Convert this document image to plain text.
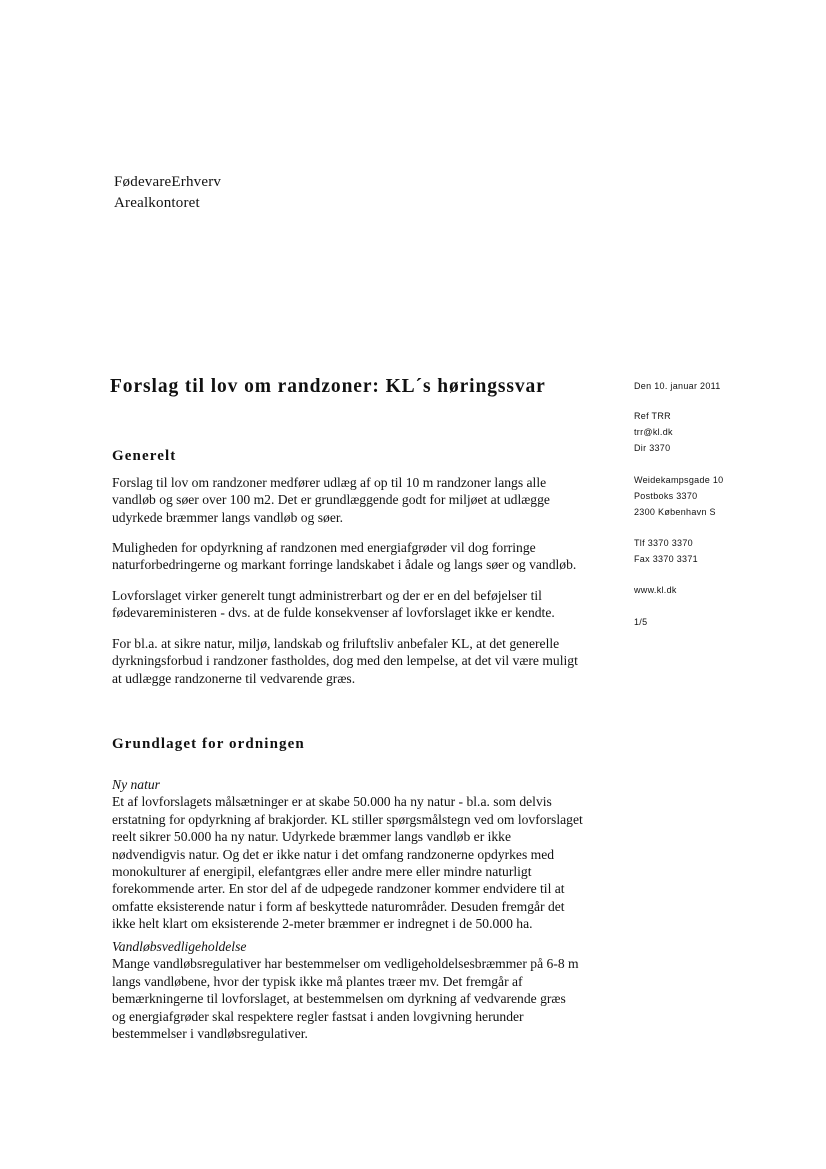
FødevareErhverv
Arealkontoret
Forslag til lov om randzoner: KL´s høringssvar	Den 10. januar 2011
Ref TRR
trr@kl.dk
Dir 3370
Weidekampsgade 10
Postboks 3370
2300 København S
Tlf 3370 3370
Fax 3370 3371
www.kl.dk
1/5
Generelt
Forslag til lov om randzoner medfører udlæg af op til 10 m randzoner langs alle
vandløb og søer over 100 m2. Det er grundlæggende godt for miljøet at udlægge
udyrkede bræmmer langs vandløb og søer.
Muligheden for opdyrkning af randzonen med energiafgrøder vil dog forringe
naturforbedringerne og markant forringe landskabet i ådale og langs søer og vandløb.
Lovforslaget virker generelt tungt administrerbart og der er en del beføjelser til
fødevareministeren - dvs. at de fulde konsekvenser af lovforslaget ikke er kendte.
For bl.a. at sikre natur, miljø, landskab og friluftsliv anbefaler KL, at det generelle
dyrkningsforbud i randzoner fastholdes, dog med den lempelse, at det vil være muligt
at udlægge randzonerne til vedvarende græs.
Grundlaget for ordningen
Ny natur
Et af lovforslagets målsætninger er at skabe 50.000 ha ny natur - bl.a. som delvis
erstatning for opdyrkning af brakjorder. KL stiller spørgsmålstegn ved om lovforslaget
reelt sikrer 50.000 ha ny natur. Udyrkede bræmmer langs vandløb er ikke
nødvendigvis natur. Og det er ikke natur i det omfang randzonerne opdyrkes med
monokulturer af energipil, elefantgræs eller andre mere eller mindre naturligt
forekommende arter. En stor del af de udpegede randzoner kommer endvidere til at
omfatte eksisterende natur i form af beskyttede naturområder. Desuden fremgår det
ikke helt klart om eksisterende 2-meter bræmmer er indregnet i de 50.000 ha.
Vandløbsvedligeholdelse
Mange vandløbsregulativer har bestemmelser om vedligeholdelsesbræmmer på 6-8 m
langs vandløbene, hvor der typisk ikke må plantes træer mv. Det fremgår af
bemærkningerne til lovforslaget, at bestemmelsen om dyrkning af vedvarende græs
og energiafgrøder skal respektere regler fastsat i anden lovgivning herunder
bestemmelser i vandløbsregulativer.
